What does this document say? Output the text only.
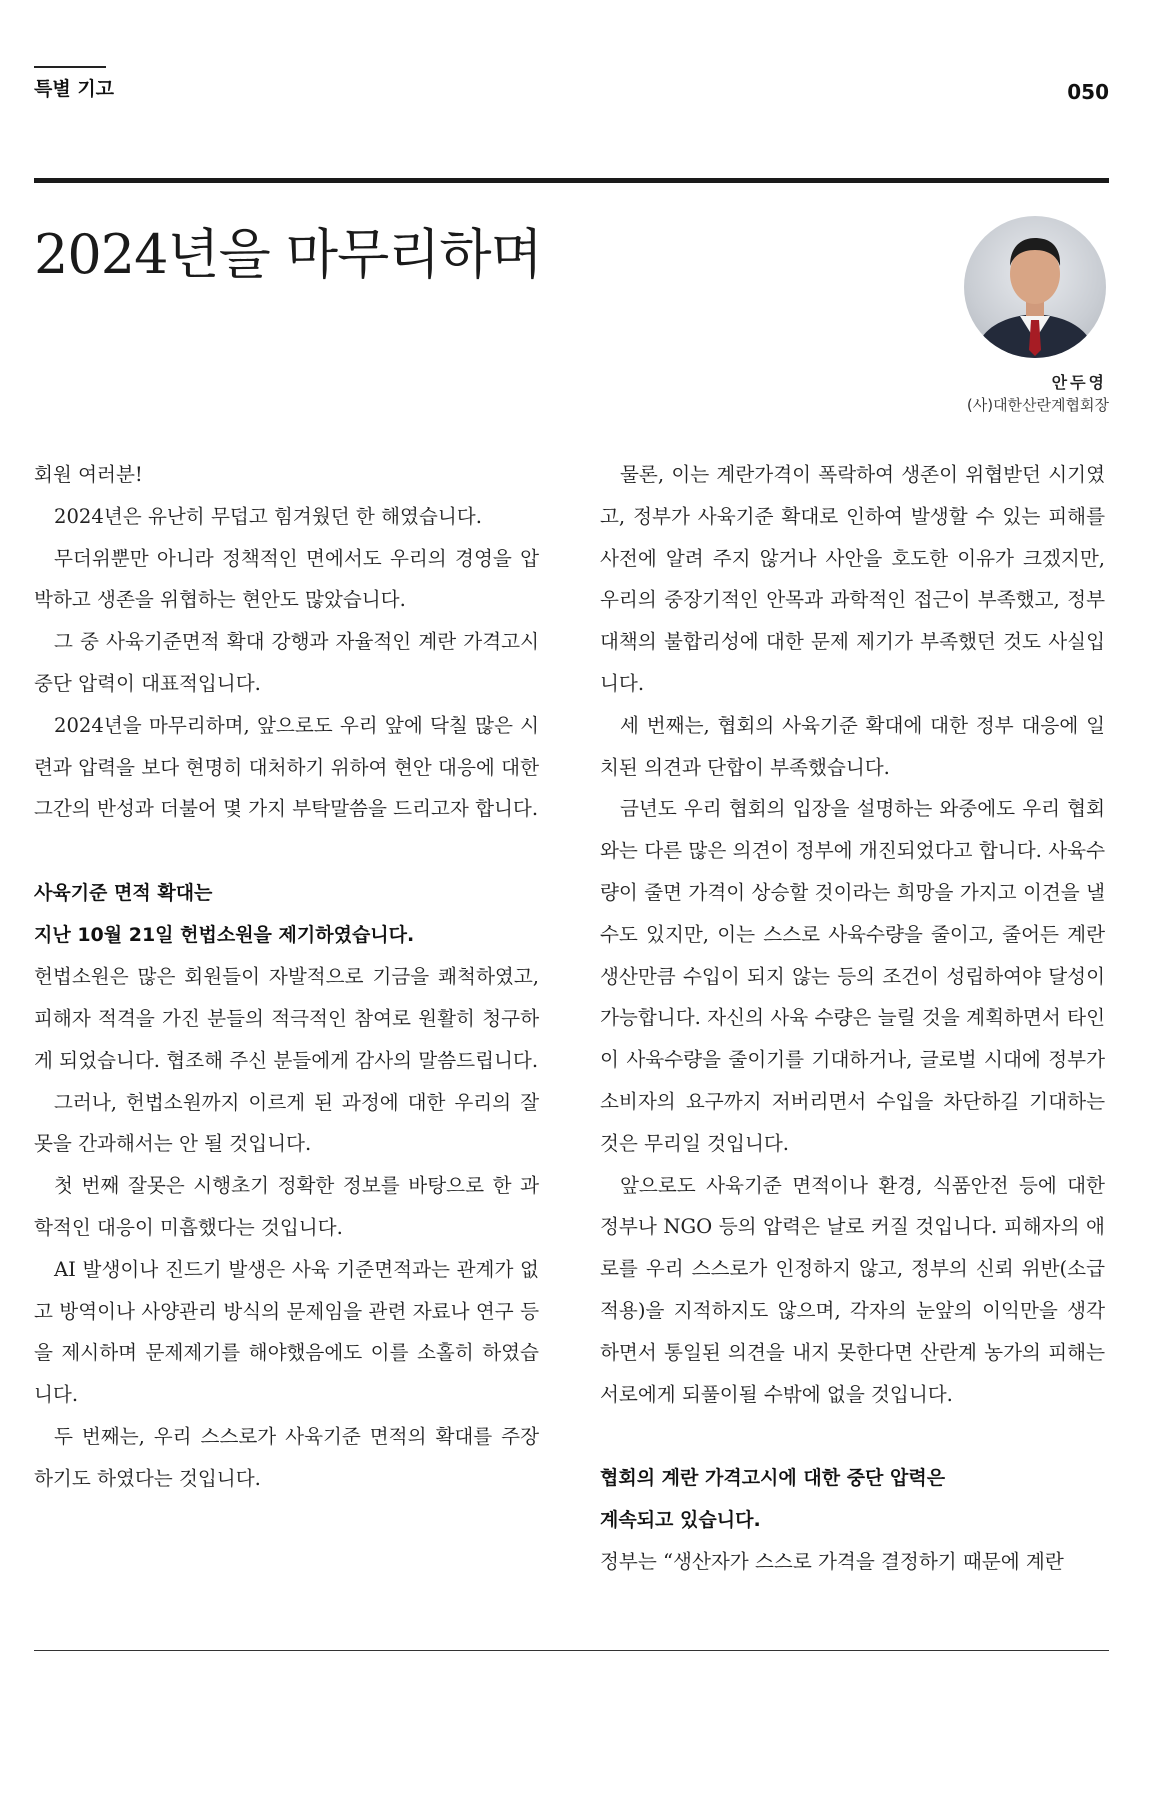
특별 기고	050
2024년을 마무리하며
안두영
(사)대한산란계협회장

회원 여러분!

2024년은 유난히 무덥고 힘겨웠던 한 해였습니다.

무더위뿐만 아니라 정책적인 면에서도 우리의 경영을 압박하고 생존을 위협하는 현안도 많았습니다.

그 중 사육기준면적 확대 강행과 자율적인 계란 가격고시 중단 압력이 대표적입니다.

2024년을 마무리하며, 앞으로도 우리 앞에 닥칠 많은 시련과 압력을 보다 현명히 대처하기 위하여 현안 대응에 대한 그간의 반성과 더불어 몇 가지 부탁말씀을 드리고자 합니다.

사육기준 면적 확대는
지난 10월 21일 헌법소원을 제기하였습니다.

헌법소원은 많은 회원들이 자발적으로 기금을 쾌척하였고, 피해자 적격을 가진 분들의 적극적인 참여로 원활히 청구하게 되었습니다. 협조해 주신 분들에게 감사의 말씀드립니다.

그러나, 헌법소원까지 이르게 된 과정에 대한 우리의 잘못을 간과해서는 안 될 것입니다.

첫 번째 잘못은 시행초기 정확한 정보를 바탕으로 한 과학적인 대응이 미흡했다는 것입니다.

AI 발생이나 진드기 발생은 사육 기준면적과는 관계가 없고 방역이나 사양관리 방식의 문제임을 관련 자료나 연구 등을 제시하며 문제제기를 해야했음에도 이를 소홀히 하였습니다.

두 번째는, 우리 스스로가 사육기준 면적의 확대를 주장하기도 하였다는 것입니다.

물론, 이는 계란가격이 폭락하여 생존이 위협받던 시기였고, 정부가 사육기준 확대로 인하여 발생할 수 있는 피해를 사전에 알려 주지 않거나 사안을 호도한 이유가 크겠지만, 우리의 중장기적인 안목과 과학적인 접근이 부족했고, 정부대책의 불합리성에 대한 문제 제기가 부족했던 것도 사실입니다.

세 번째는, 협회의 사육기준 확대에 대한 정부 대응에 일치된 의견과 단합이 부족했습니다.

금년도 우리 협회의 입장을 설명하는 와중에도 우리 협회와는 다른 많은 의견이 정부에 개진되었다고 합니다. 사육수량이 줄면 가격이 상승할 것이라는 희망을 가지고 이견을 낼 수도 있지만, 이는 스스로 사육수량을 줄이고, 줄어든 계란 생산만큼 수입이 되지 않는 등의 조건이 성립하여야 달성이 가능합니다. 자신의 사육 수량은 늘릴 것을 계획하면서 타인이 사육수량을 줄이기를 기대하거나, 글로벌 시대에 정부가 소비자의 요구까지 저버리면서 수입을 차단하길 기대하는 것은 무리일 것입니다.

앞으로도 사육기준 면적이나 환경, 식품안전 등에 대한 정부나 NGO 등의 압력은 날로 커질 것입니다. 피해자의 애로를 우리 스스로가 인정하지 않고, 정부의 신뢰 위반(소급적용)을 지적하지도 않으며, 각자의 눈앞의 이익만을 생각하면서 통일된 의견을 내지 못한다면 산란계 농가의 피해는 서로에게 되풀이될 수밖에 없을 것입니다.

협회의 계란 가격고시에 대한 중단 압력은
계속되고 있습니다.

정부는 “생산자가 스스로 가격을 결정하기 때문에 계란
